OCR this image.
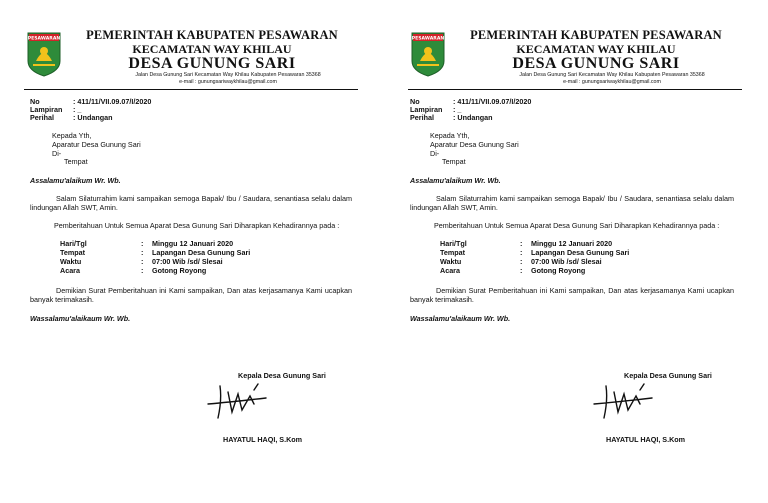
PESAWARAN	PEMERINTAH KABUPATEN PESAWARAN
KECAMATAN WAY KHILAU
DESA GUNUNG SARI
Jalan Desa Gunung Sari Kecamatan Way Khilau Kabupaten Pesawaran 35368
e-mail : gunungsariwaykhilau@gmail.com
No	: 411/11/VII.09.07/I/2020
Lampiran : _
Perihal	: Undangan
Kepada Yth,
Aparatur Desa Gunung Sari
Di-
Tempat
Assalamu'alaikum Wr. Wb.
Salam Silaturrahim kami sampaikan semoga Bapak/ Ibu / Saudara, senantiasa selalu dalam lindungan Allah SWT, Amin.
Pemberitahuan Untuk Semua Aparat Desa Gunung Sari Diharapkan Kehadirannya pada :
Hari/Tgl	: Minggu 12 Januari 2020
Tempat	: Lapangan Desa Gunung Sari
Waktu	: 07:00 Wib /sd/ Slesai
Acara	: Gotong Royong
Demikian Surat Pemberitahuan ini Kami sampaikan, Dan atas kerjasamanya Kami ucapkan banyak terimakasih.
Wassalamu'alaikaum Wr. Wb.
Kepala Desa Gunung Sari
HAYATUL HAQI, S.Kom
PESAWARAN	PEMERINTAH KABUPATEN PESAWARAN
KECAMATAN WAY KHILAU
DESA GUNUNG SARI
Jalan Desa Gunung Sari Kecamatan Way Khilau Kabupaten Pesawaran 35368
e-mail : gunungsariwaykhilau@gmail.com
No	: 411/11/VII.09.07/I/2020
Lampiran : _
Perihal	: Undangan
Kepada Yth,
Aparatur Desa Gunung Sari
Di-
Tempat
Assalamu'alaikum Wr. Wb.
Salam Silaturrahim kami sampaikan semoga Bapak/ Ibu / Saudara, senantiasa selalu dalam lindungan Allah SWT, Amin.
Pemberitahuan Untuk Semua Aparat Desa Gunung Sari Diharapkan Kehadirannya pada :
Hari/Tgl	: Minggu 12 Januari 2020
Tempat	: Lapangan Desa Gunung Sari
Waktu	: 07:00 Wib /sd/ Slesai
Acara	: Gotong Royong
Demikian Surat Pemberitahuan ini Kami sampaikan, Dan atas kerjasamanya Kami ucapkan banyak terimakasih.
Wassalamu'alaikaum Wr. Wb.
Kepala Desa Gunung Sari
HAYATUL HAQI, S.Kom
